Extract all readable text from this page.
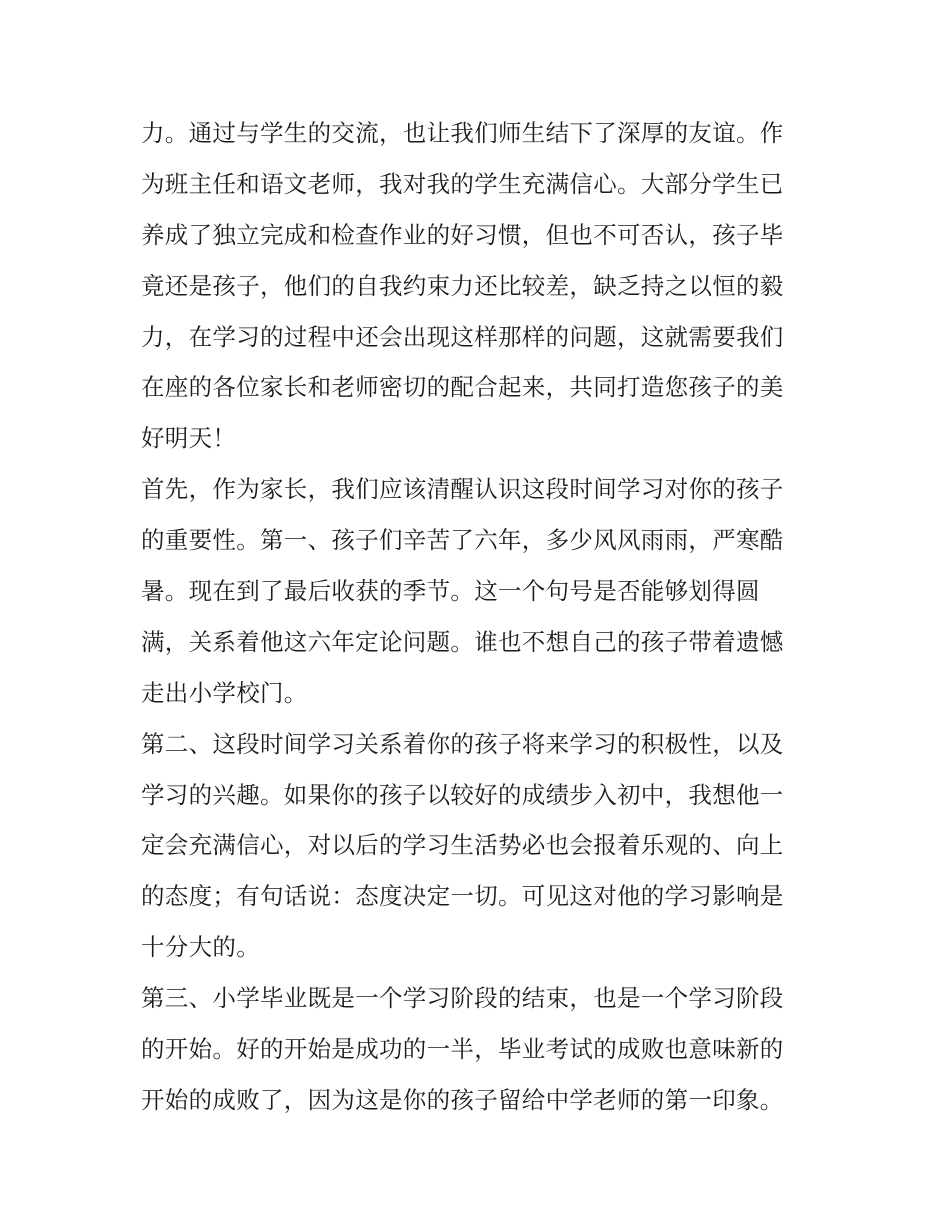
力。通过与学生的交流，也让我们师生结下了深厚的友谊。作
为班主任和语文老师，我对我的学生充满信心。大部分学生已
养成了独立完成和检查作业的好习惯，但也不可否认，孩子毕
竟还是孩子，他们的自我约束力还比较差，缺乏持之以恒的毅
力，在学习的过程中还会出现这样那样的问题，这就需要我们
在座的各位家长和老师密切的配合起来，共同打造您孩子的美
好明天！
首先，作为家长，我们应该清醒认识这段时间学习对你的孩子
的重要性。第一、孩子们辛苦了六年，多少风风雨雨，严寒酷
暑。现在到了最后收获的季节。这一个句号是否能够划得圆
满，关系着他这六年定论问题。谁也不想自己的孩子带着遗憾
走出小学校门。
第二、这段时间学习关系着你的孩子将来学习的积极性，以及
学习的兴趣。如果你的孩子以较好的成绩步入初中，我想他一
定会充满信心，对以后的学习生活势必也会报着乐观的、向上
的态度；有句话说：态度决定一切。可见这对他的学习影响是
十分大的。
第三、小学毕业既是一个学习阶段的结束，也是一个学习阶段
的开始。好的开始是成功的一半，毕业考试的成败也意味新的
开始的成败了，因为这是你的孩子留给中学老师的第一印象。
